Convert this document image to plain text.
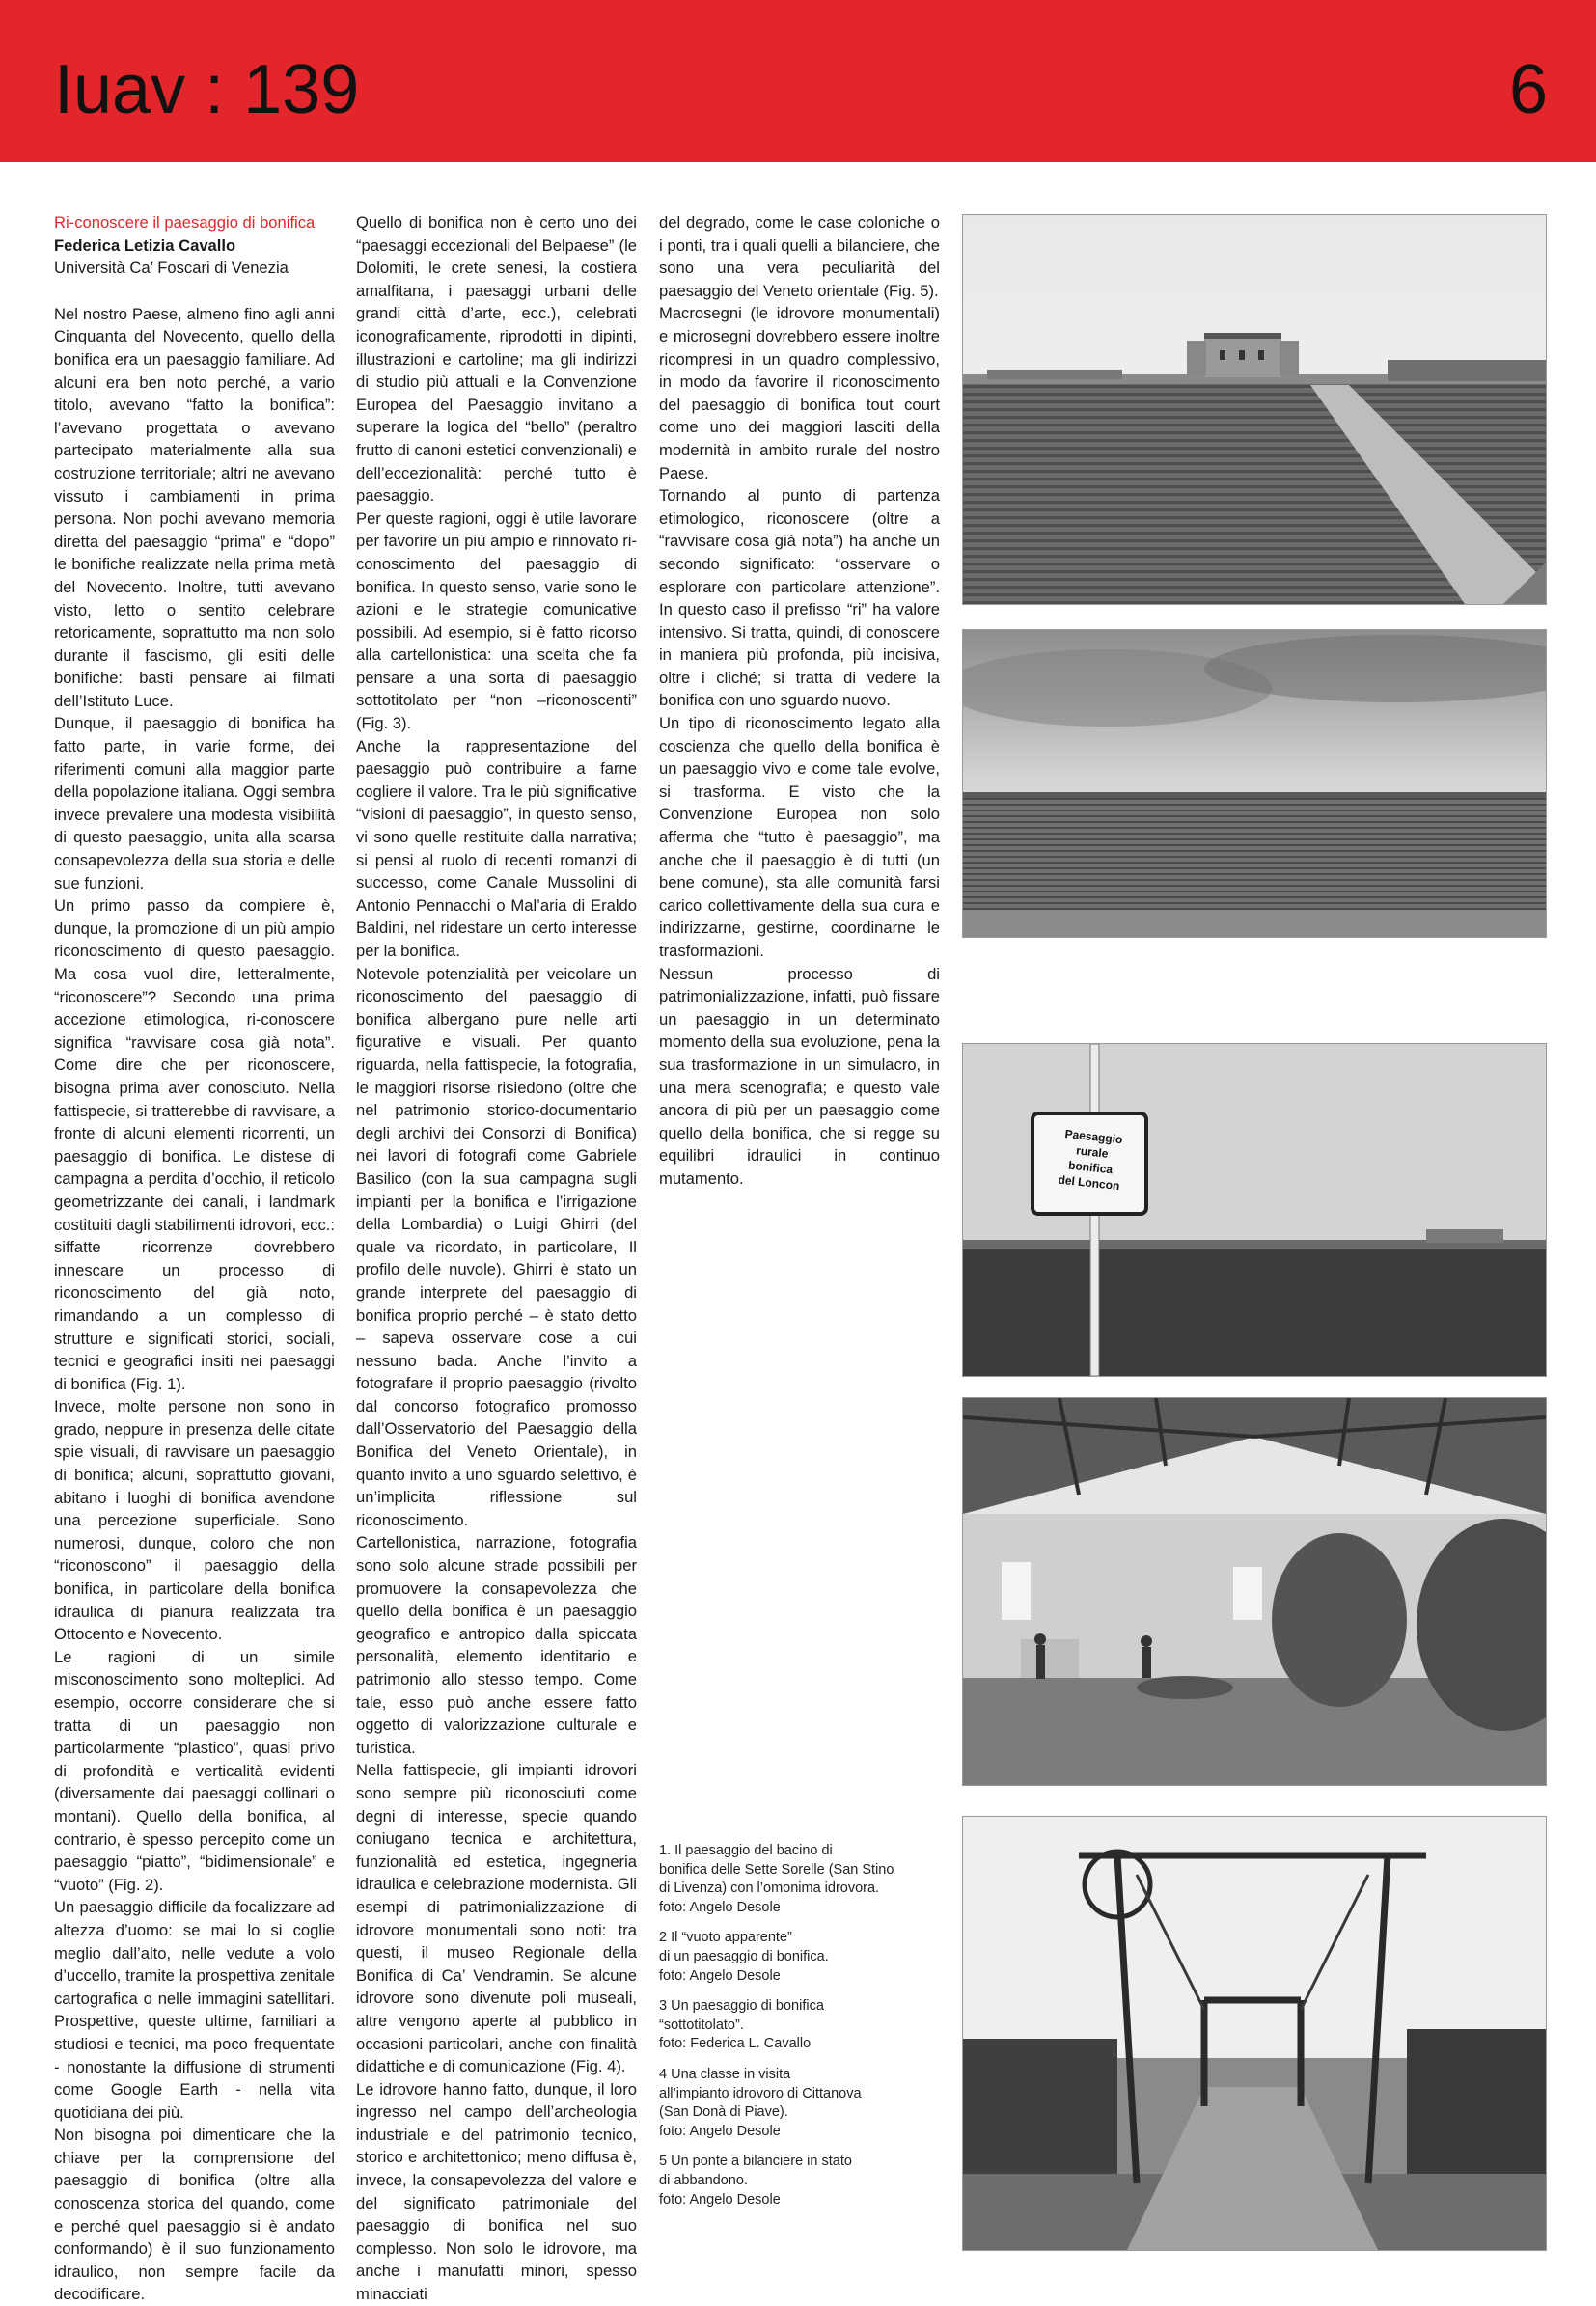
Iuav : 139	6

Ri-conoscere il paesaggio di bonifica

Federica Letizia Cavallo

Università Ca’ Foscari di Venezia

Nel nostro Paese, almeno fino agli anni Cinquanta del Novecento, quello della bonifica era un paesaggio familiare. Ad alcuni era ben noto perché, a vario titolo, avevano “fatto la bonifica”: l’avevano progettata o avevano partecipato materialmente alla sua costruzione territoriale; altri ne avevano vissuto i cambiamenti in prima persona. Non pochi avevano memoria diretta del paesaggio “prima” e “dopo” le bonifiche realizzate nella prima metà del Novecento. Inoltre, tutti avevano visto, letto o sentito celebrare retoricamente, soprattutto ma non solo durante il fascismo, gli esiti delle bonifiche: basti pensare ai filmati dell’Istituto Luce.

Dunque, il paesaggio di bonifica ha fatto parte, in varie forme, dei riferimenti comuni alla maggior parte della popolazione italiana. Oggi sembra invece prevalere una modesta visibilità di questo paesaggio, unita alla scarsa consapevolezza della sua storia e delle sue funzioni.

Un primo passo da compiere è, dunque, la promozione di un più ampio riconoscimento di questo paesaggio. Ma cosa vuol dire, letteralmente, “riconoscere”? Secondo una prima accezione etimologica, ri-conoscere significa “ravvisare cosa già nota”. Come dire che per riconoscere, bisogna prima aver conosciuto. Nella fattispecie, si tratterebbe di ravvisare, a fronte di alcuni elementi ricorrenti, un paesaggio di bonifica. Le distese di campagna a perdita d’occhio, il reticolo geometrizzante dei canali, i landmark costituiti dagli stabilimenti idrovori, ecc.: siffatte ricorrenze dovrebbero innescare un processo di riconoscimento del già noto, rimandando a un complesso di strutture e significati storici, sociali, tecnici e geografici insiti nei paesaggi di bonifica (Fig. 1).

Invece, molte persone non sono in grado, neppure in presenza delle citate spie visuali, di ravvisare un paesaggio di bonifica; alcuni, soprattutto giovani, abitano i luoghi di bonifica avendone una percezione superficiale. Sono numerosi, dunque, coloro che non “riconoscono” il paesaggio della bonifica, in particolare della bonifica idraulica di pianura realizzata tra Ottocento e Novecento.

Le ragioni di un simile misconoscimento sono molteplici. Ad esempio, occorre considerare che si tratta di un paesaggio non particolarmente “plastico”, quasi privo di profondità e verticalità evidenti (diversamente dai paesaggi collinari o montani). Quello della bonifica, al contrario, è spesso percepito come un paesaggio “piatto”, “bidimensionale” e “vuoto” (Fig. 2).

Un paesaggio difficile da focalizzare ad altezza d’uomo: se mai lo si coglie meglio dall’alto, nelle vedute a volo d’uccello, tramite la prospettiva zenitale cartografica o nelle immagini satellitari. Prospettive, queste ultime, familiari a studiosi e tecnici, ma poco frequentate - nonostante la diffusione di strumenti come Google Earth - nella vita quotidiana dei più.

Non bisogna poi dimenticare che la chiave per la comprensione del paesaggio di bonifica (oltre alla conoscenza storica del quando, come e perché quel paesaggio si è andato conformando) è il suo funzionamento idraulico, non sempre facile da decodificare.

Quello di bonifica non è certo uno dei “paesaggi eccezionali del Belpaese” (le Dolomiti, le crete senesi, la costiera amalfitana, i paesaggi urbani delle grandi città d’arte, ecc.), celebrati iconograficamente, riprodotti in dipinti, illustrazioni e cartoline; ma gli indirizzi di studio più attuali e la Convenzione Europea del Paesaggio invitano a superare la logica del “bello” (peraltro frutto di canoni estetici convenzionali) e dell’eccezionalità: perché tutto è paesaggio.

Per queste ragioni, oggi è utile lavorare per favorire un più ampio e rinnovato ri-conoscimento del paesaggio di bonifica. In questo senso, varie sono le azioni e le strategie comunicative possibili. Ad esempio, si è fatto ricorso alla cartellonistica: una scelta che fa pensare a una sorta di paesaggio sottotitolato per “non –riconoscenti” (Fig. 3).

Anche la rappresentazione del paesaggio può contribuire a farne cogliere il valore. Tra le più significative “visioni di paesaggio”, in questo senso, vi sono quelle restituite dalla narrativa; si pensi al ruolo di recenti romanzi di successo, come Canale Mussolini di Antonio Pennacchi o Mal’aria di Eraldo Baldini, nel ridestare un certo interesse per la bonifica.

Notevole potenzialità per veicolare un riconoscimento del paesaggio di bonifica albergano pure nelle arti figurative e visuali. Per quanto riguarda, nella fattispecie, la fotografia, le maggiori risorse risiedono (oltre che nel patrimonio storico-documentario degli archivi dei Consorzi di Bonifica) nei lavori di fotografi come Gabriele Basilico (con la sua campagna sugli impianti per la bonifica e l’irrigazione della Lombardia) o Luigi Ghirri (del quale va ricordato, in particolare, Il profilo delle nuvole). Ghirri è stato un grande interprete del paesaggio di bonifica proprio perché – è stato detto – sapeva osservare cose a cui nessuno bada. Anche l’invito a fotografare il proprio paesaggio (rivolto dal concorso fotografico promosso dall’Osservatorio del Paesaggio della Bonifica del Veneto Orientale), in quanto invito a uno sguardo selettivo, è un’implicita riflessione sul riconoscimento.

Cartellonistica, narrazione, fotografia sono solo alcune strade possibili per promuovere la consapevolezza che quello della bonifica è un paesaggio geografico e antropico dalla spiccata personalità, elemento identitario e patrimonio allo stesso tempo. Come tale, esso può anche essere fatto oggetto di valorizzazione culturale e turistica.

Nella fattispecie, gli impianti idrovori sono sempre più riconosciuti come degni di interesse, specie quando coniugano tecnica e architettura, funzionalità ed estetica, ingegneria idraulica e celebrazione modernista. Gli esempi di patrimonializzazione di idrovore monumentali sono noti: tra questi, il museo Regionale della Bonifica di Ca’ Vendramin. Se alcune idrovore sono divenute poli museali, altre vengono aperte al pubblico in occasioni particolari, anche con finalità didattiche e di comunicazione (Fig. 4).

Le idrovore hanno fatto, dunque, il loro ingresso nel campo dell’archeologia industriale e del patrimonio tecnico, storico e architettonico; meno diffusa è, invece, la consapevolezza del valore e del significato patrimoniale del paesaggio di bonifica nel suo complesso. Non solo le idrovore, ma anche i manufatti minori, spesso minacciati

del degrado, come le case coloniche o i ponti, tra i quali quelli a bilanciere, che sono una vera peculiarità del paesaggio del Veneto orientale (Fig. 5).

Macrosegni (le idrovore monumentali) e microsegni dovrebbero essere inoltre ricompresi in un quadro complessivo, in modo da favorire il riconoscimento del paesaggio di bonifica tout court come uno dei maggiori lasciti della modernità in ambito rurale del nostro Paese.

Tornando al punto di partenza etimologico, riconoscere (oltre a “ravvisare cosa già nota”) ha anche un secondo significato: “osservare o esplorare con particolare attenzione”. In questo caso il prefisso “ri” ha valore intensivo. Si tratta, quindi, di conoscere in maniera più profonda, più incisiva, oltre i cliché; si tratta di vedere la bonifica con uno sguardo nuovo.

Un tipo di riconoscimento legato alla coscienza che quello della bonifica è un paesaggio vivo e come tale evolve, si trasforma. E visto che la Convenzione Europea non solo afferma che “tutto è paesaggio”, ma anche che il paesaggio è di tutti (un bene comune), sta alle comunità farsi carico collettivamente della sua cura e indirizzarne, gestirne, coordinarne le trasformazioni.

Nessun processo di patrimonializzazione, infatti, può fissare un paesaggio in un determinato momento della sua evoluzione, pena la sua trasformazione in un simulacro, in una mera scenografia; e questo vale ancora di più per un paesaggio come quello della bonifica, che si regge su equilibri idraulici in continuo mutamento.

1. Il paesaggio del bacino di
bonifica delle Sette Sorelle (San Stino
di Livenza) con l’omonima idrovora.
foto: Angelo Desole
2 Il “vuoto apparente”
di un paesaggio di bonifica.
foto: Angelo Desole
3 Un paesaggio di bonifica
“sottotitolato”.
foto: Federica L. Cavallo
4 Una classe in visita
all’impianto idrovoro di Cittanova
(San Donà di Piave).
foto: Angelo Desole
5 Un ponte a bilanciere in stato
di abbandono.
foto: Angelo Desole
Paesaggio
rurale
bonifica
del Loncon
